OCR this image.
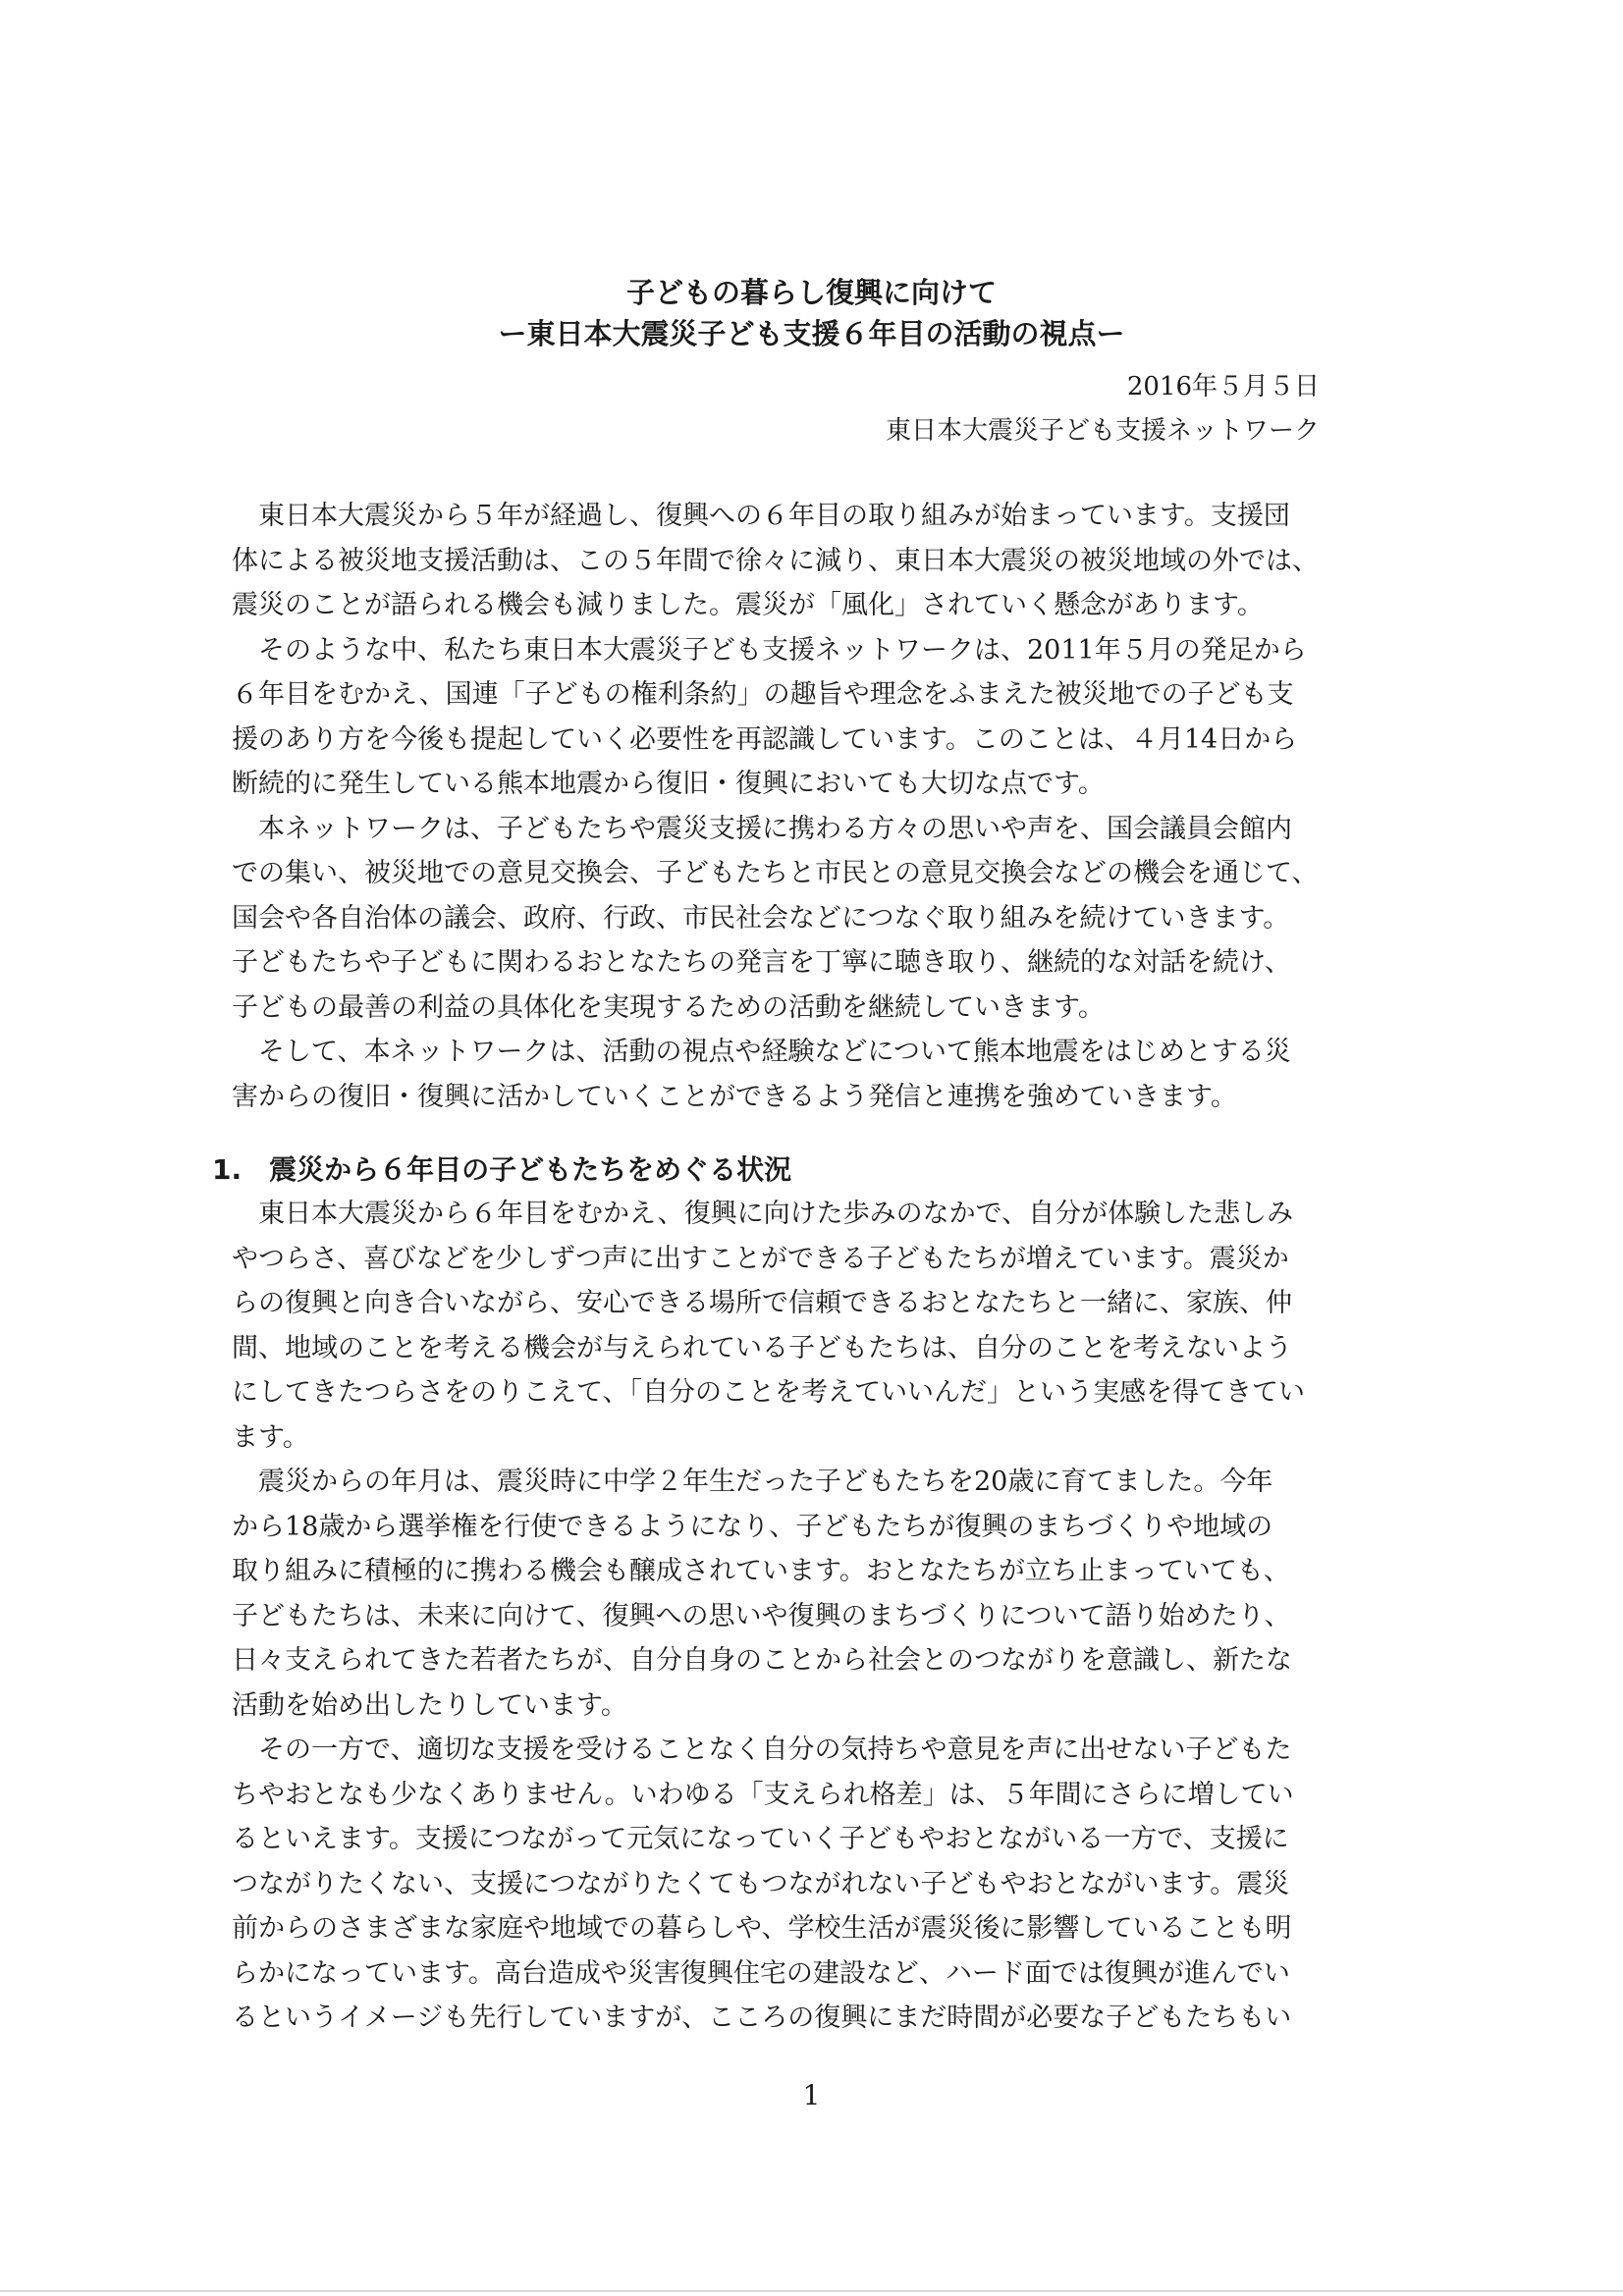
子どもの暮らし復興に向けて

ー東日本大震災子ども支援６年目の活動の視点ー

2016年５月５日
東日本大震災子ども支援ネットワーク

東日本大震災から５年が経過し、復興への６年目の取り組みが始まっています。支援団
体による被災地支援活動は、この５年間で徐々に減り、東日本大震災の被災地域の外では、
震災のことが語られる機会も減りました。震災が「風化」されていく懸念があります。

そのような中、私たち東日本大震災子ども支援ネットワークは、2011年５月の発足から
６年目をむかえ、国連「子どもの権利条約」の趣旨や理念をふまえた被災地での子ども支
援のあり方を今後も提起していく必要性を再認識しています。このことは、４月14日から
断続的に発生している熊本地震から復旧・復興においても大切な点です。

本ネットワークは、子どもたちや震災支援に携わる方々の思いや声を、国会議員会館内
での集い、被災地での意見交換会、子どもたちと市民との意見交換会などの機会を通じて、
国会や各自治体の議会、政府、行政、市民社会などにつなぐ取り組みを続けていきます。
子どもたちや子どもに関わるおとなたちの発言を丁寧に聴き取り、継続的な対話を続け、
子どもの最善の利益の具体化を実現するための活動を継続していきます。

そして、本ネットワークは、活動の視点や経験などについて熊本地震をはじめとする災
害からの復旧・復興に活かしていくことができるよう発信と連携を強めていきます。

1.　震災から６年目の子どもたちをめぐる状況

東日本大震災から６年目をむかえ、復興に向けた歩みのなかで、自分が体験した悲しみ
やつらさ、喜びなどを少しずつ声に出すことができる子どもたちが増えています。震災か
らの復興と向き合いながら、安心できる場所で信頼できるおとなたちと一緒に、家族、仲
間、地域のことを考える機会が与えられている子どもたちは、自分のことを考えないよう
にしてきたつらさをのりこえて、「自分のことを考えていいんだ」という実感を得てきてい
ます。

震災からの年月は、震災時に中学２年生だった子どもたちを20歳に育てました。今年
から18歳から選挙権を行使できるようになり、子どもたちが復興のまちづくりや地域の
取り組みに積極的に携わる機会も醸成されています。おとなたちが立ち止まっていても、
子どもたちは、未来に向けて、復興への思いや復興のまちづくりについて語り始めたり、
日々支えられてきた若者たちが、自分自身のことから社会とのつながりを意識し、新たな
活動を始め出したりしています。

その一方で、適切な支援を受けることなく自分の気持ちや意見を声に出せない子どもた
ちやおとなも少なくありません。いわゆる「支えられ格差」は、５年間にさらに増してい
るといえます。支援につながって元気になっていく子どもやおとながいる一方で、支援に
つながりたくない、支援につながりたくてもつながれない子どもやおとながいます。震災
前からのさまざまな家庭や地域での暮らしや、学校生活が震災後に影響していることも明
らかになっています。高台造成や災害復興住宅の建設など、ハード面では復興が進んでい
るというイメージも先行していますが、こころの復興にまだ時間が必要な子どもたちもい

1
